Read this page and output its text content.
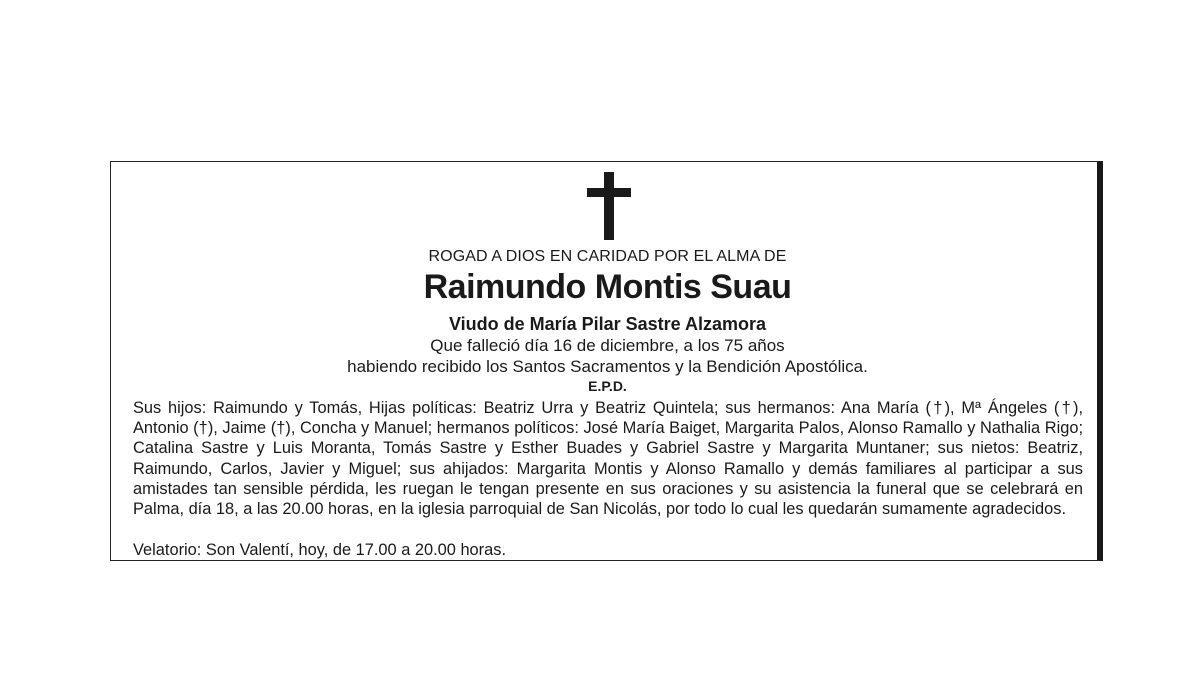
ROGAD A DIOS EN CARIDAD POR EL ALMA DE
Raimundo Montis Suau
Viudo de María Pilar Sastre Alzamora
Que falleció día 16 de diciembre, a los 75 años
habiendo recibido los Santos Sacramentos y la Bendición Apostólica.
E.P.D.
Sus hijos: Raimundo y Tomás, Hijas políticas: Beatriz Urra y Beatriz Quintela; sus hermanos: Ana María (†), Mª Ángeles (†), Antonio (†), Jaime (†), Concha y Manuel; hermanos políticos: José María Baiget, Margarita Palos, Alonso Ramallo y Nathalia Rigo; Catalina Sastre y Luis Moranta, Tomás Sastre y Esther Buades y Gabriel Sastre y Margarita Muntaner; sus nietos: Beatriz, Raimundo, Carlos, Javier y Miguel; sus ahijados: Margarita Montis y Alonso Ramallo y demás familiares al participar a sus amistades tan sensible pérdida, les ruegan le tengan presente en sus oraciones y su asistencia la funeral que se celebrará en Palma, día 18, a las 20.00 horas, en la iglesia parroquial de San Nicolás, por todo lo cual les quedarán sumamente agradecidos.
Velatorio: Son Valentí, hoy, de 17.00 a 20.00 horas.
